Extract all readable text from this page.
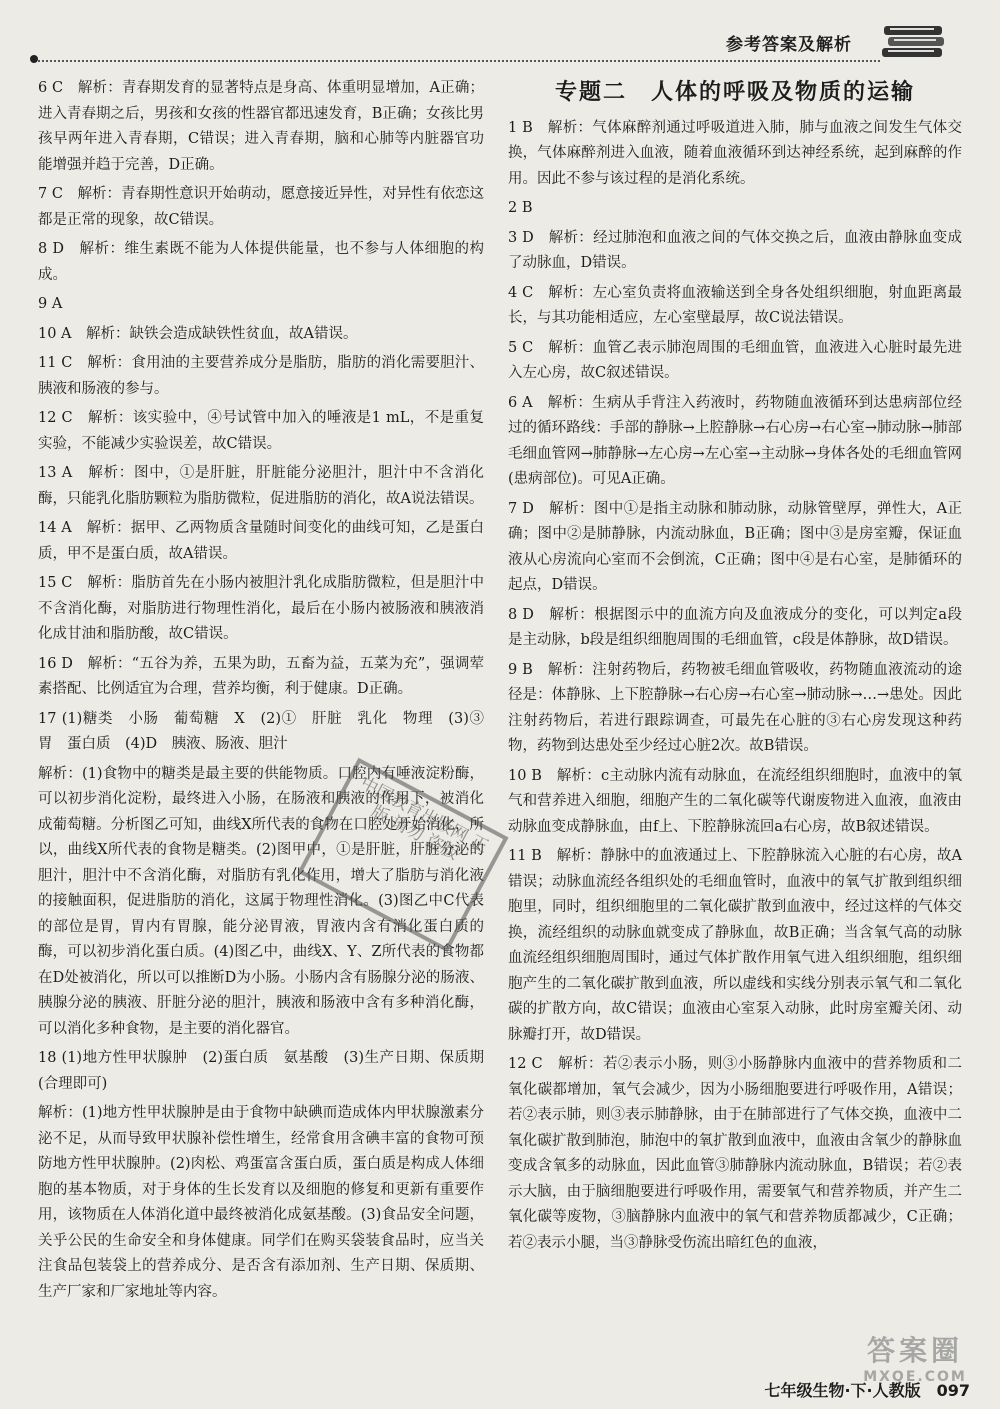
参考答案及解析

6 C　解析：青春期发育的显著特点是身高、体重明显增加，A正确；进入青春期之后，男孩和女孩的性器官都迅速发育，B正确；女孩比男孩早两年进入青春期，C错误；进入青春期，脑和心肺等内脏器官功能增强并趋于完善，D正确。

7 C　解析：青春期性意识开始萌动，愿意接近异性，对异性有依恋这都是正常的现象，故C错误。

8 D　解析：维生素既不能为人体提供能量，也不参与人体细胞的构成。

9 A

10 A　解析：缺铁会造成缺铁性贫血，故A错误。

11 C　解析：食用油的主要营养成分是脂肪，脂肪的消化需要胆汁、胰液和肠液的参与。

12 C　解析：该实验中，④号试管中加入的唾液是1 mL，不是重复实验，不能减少实验误差，故C错误。

13 A　解析：图中，①是肝脏，肝脏能分泌胆汁，胆汁中不含消化酶，只能乳化脂肪颗粒为脂肪微粒，促进脂肪的消化，故A说法错误。

14 A　解析：据甲、乙两物质含量随时间变化的曲线可知，乙是蛋白质，甲不是蛋白质，故A错误。

15 C　解析：脂肪首先在小肠内被胆汁乳化成脂肪微粒，但是胆汁中不含消化酶，对脂肪进行物理性消化，最后在小肠内被肠液和胰液消化成甘油和脂肪酸，故C错误。

16 D　解析：“五谷为养，五果为助，五畜为益，五菜为充”，强调荤素搭配、比例适宜为合理，营养均衡，利于健康。D正确。

17 (1)糖类　小肠　葡萄糖　X　(2)①　肝脏　乳化　物理　(3)③　胃　蛋白质　(4)D　胰液、肠液、胆汁

解析：(1)食物中的糖类是最主要的供能物质。口腔内有唾液淀粉酶，可以初步消化淀粉，最终进入小肠，在肠液和胰液的作用下，被消化成葡萄糖。分析图乙可知，曲线X所代表的食物在口腔处开始消化，所以，曲线X所代表的食物是糖类。(2)图甲中，①是肝脏，肝脏分泌的胆汁，胆汁中不含消化酶，对脂肪有乳化作用，增大了脂肪与消化液的接触面积，促进脂肪的消化，这属于物理性消化。(3)图乙中C代表的部位是胃，胃内有胃腺，能分泌胃液，胃液内含有消化蛋白质的酶，可以初步消化蛋白质。(4)图乙中，曲线X、Y、Z所代表的食物都在D处被消化，所以可以推断D为小肠。小肠内含有肠腺分泌的肠液、胰腺分泌的胰液、肝脏分泌的胆汁，胰液和肠液中含有多种消化酶，可以消化多种食物，是主要的消化器官。

18 (1)地方性甲状腺肿　(2)蛋白质　氨基酸　(3)生产日期、保质期(合理即可)

解析：(1)地方性甲状腺肿是由于食物中缺碘而造成体内甲状腺激素分泌不足，从而导致甲状腺补偿性增生，经常食用含碘丰富的食物可预防地方性甲状腺肿。(2)肉松、鸡蛋富含蛋白质，蛋白质是构成人体细胞的基本物质，对于身体的生长发育以及细胞的修复和更新有重要作用，该物质在人体消化道中最终被消化成氨基酸。(3)食品安全问题，关乎公民的生命安全和身体健康。同学们在购买袋装食品时，应当关注食品包装袋上的营养成分、是否含有添加剂、生产日期、保质期、生产厂家和厂家地址等内容。

专题二　人体的呼吸及物质的运输

1 B　解析：气体麻醉剂通过呼吸道进入肺，肺与血液之间发生气体交换，气体麻醉剂进入血液，随着血液循环到达神经系统，起到麻醉的作用。因此不参与该过程的是消化系统。

2 B

3 D　解析：经过肺泡和血液之间的气体交换之后，血液由静脉血变成了动脉血，D错误。

4 C　解析：左心室负责将血液输送到全身各处组织细胞，射血距离最长，与其功能相适应，左心室壁最厚，故C说法错误。

5 C　解析：血管乙表示肺泡周围的毛细血管，血液进入心脏时最先进入左心房，故C叙述错误。

6 A　解析：生病从手背注入药液时，药物随血液循环到达患病部位经过的循环路线：手部的静脉→上腔静脉→右心房→右心室→肺动脉→肺部毛细血管网→肺静脉→左心房→左心室→主动脉→身体各处的毛细血管网(患病部位)。可见A正确。

7 D　解析：图中①是指主动脉和肺动脉，动脉管壁厚，弹性大，A正确；图中②是肺静脉，内流动脉血，B正确；图中③是房室瓣，保证血液从心房流向心室而不会倒流，C正确；图中④是右心室，是肺循环的起点，D错误。

8 D　解析：根据图示中的血流方向及血液成分的变化，可以判定a段是主动脉，b段是组织细胞周围的毛细血管，c段是体静脉，故D错误。

9 B　解析：注射药物后，药物被毛细血管吸收，药物随血液流动的途径是：体静脉、上下腔静脉→右心房→右心室→肺动脉→…→患处。因此注射药物后，若进行跟踪调查，可最先在心脏的③右心房发现这种药物，药物到达患处至少经过心脏2次。故B错误。

10 B　解析：c主动脉内流有动脉血，在流经组织细胞时，血液中的氧气和营养进入细胞，细胞产生的二氧化碳等代谢废物进入血液，血液由动脉血变成静脉血，由f上、下腔静脉流回a右心房，故B叙述错误。

11 B　解析：静脉中的血液通过上、下腔静脉流入心脏的右心房，故A错误；动脉血流经各组织处的毛细血管时，血液中的氧气扩散到组织细胞里，同时，组织细胞里的二氧化碳扩散到血液中，经过这样的气体交换，流经组织的动脉血就变成了静脉血，故B正确；当含氧气高的动脉血流经组织细胞周围时，通过气体扩散作用氧气进入组织细胞，组织细胞产生的二氧化碳扩散到血液，所以虚线和实线分别表示氧气和二氧化碳的扩散方向，故C错误；血液由心室泵入动脉，此时房室瓣关闭、动脉瓣打开，故D错误。

12 C　解析：若②表示小肠，则③小肠静脉内血液中的营养物质和二氧化碳都增加，氧气会减少，因为小肠细胞要进行呼吸作用，A错误；若②表示肺，则③表示肺静脉，由于在肺部进行了气体交换，血液中二氧化碳扩散到肺泡，肺泡中的氧扩散到血液中，血液由含氧少的静脉血变成含氧多的动脉血，因此血管③肺静脉内流动脉血，B错误；若②表示大脑，由于脑细胞要进行呼吸作用，需要氧气和营养物质，并产生二氧化碳等废物，③脑静脉内血液中的氧气和营养物质都减少，C正确；若②表示小腿，当③静脉受伤流出暗红色的血液，

中国教育出版网 正版 请勿 盗版
答案圈
MXQE.COM
七年级生物·下·人教版　097
